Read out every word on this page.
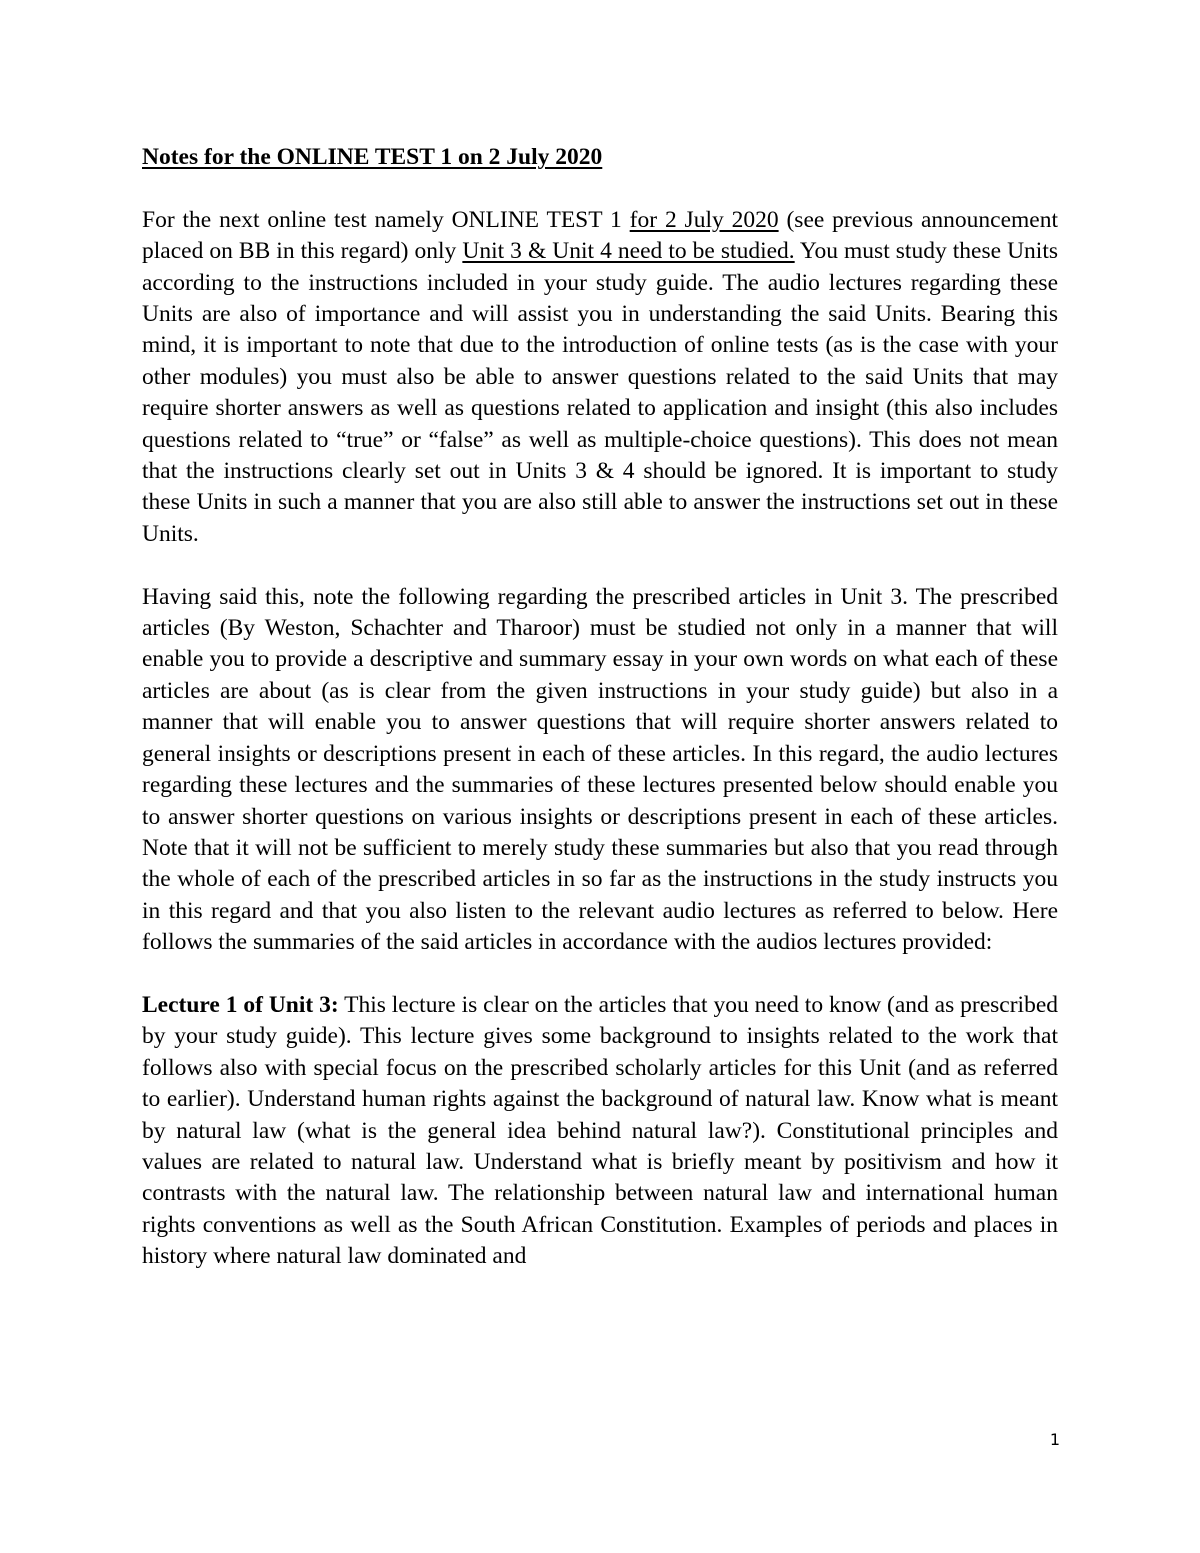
Notes for the ONLINE TEST 1 on 2 July 2020
For the next online test namely ONLINE TEST 1 for 2 July 2020 (see previous announcement placed on BB in this regard) only Unit 3 & Unit 4 need to be studied. You must study these Units according to the instructions included in your study guide. The audio lectures regarding these Units are also of importance and will assist you in understanding the said Units. Bearing this mind, it is important to note that due to the introduction of online tests (as is the case with your other modules) you must also be able to answer questions related to the said Units that may require shorter answers as well as questions related to application and insight (this also includes questions related to “true” or “false” as well as multiple-choice questions). This does not mean that the instructions clearly set out in Units 3 & 4 should be ignored. It is important to study these Units in such a manner that you are also still able to answer the instructions set out in these Units.
Having said this, note the following regarding the prescribed articles in Unit 3. The prescribed articles (By Weston, Schachter and Tharoor) must be studied not only in a manner that will enable you to provide a descriptive and summary essay in your own words on what each of these articles are about (as is clear from the given instructions in your study guide) but also in a manner that will enable you to answer questions that will require shorter answers related to general insights or descriptions present in each of these articles. In this regard, the audio lectures regarding these lectures and the summaries of these lectures presented below should enable you to answer shorter questions on various insights or descriptions present in each of these articles. Note that it will not be sufficient to merely study these summaries but also that you read through the whole of each of the prescribed articles in so far as the instructions in the study instructs you in this regard and that you also listen to the relevant audio lectures as referred to below. Here follows the summaries of the said articles in accordance with the audios lectures provided:
Lecture 1 of Unit 3: This lecture is clear on the articles that you need to know (and as prescribed by your study guide). This lecture gives some background to insights related to the work that follows also with special focus on the prescribed scholarly articles for this Unit (and as referred to earlier). Understand human rights against the background of natural law. Know what is meant by natural law (what is the general idea behind natural law?). Constitutional principles and values are related to natural law. Understand what is briefly meant by positivism and how it contrasts with the natural law. The relationship between natural law and international human rights conventions as well as the South African Constitution. Examples of periods and places in history where natural law dominated and
1
